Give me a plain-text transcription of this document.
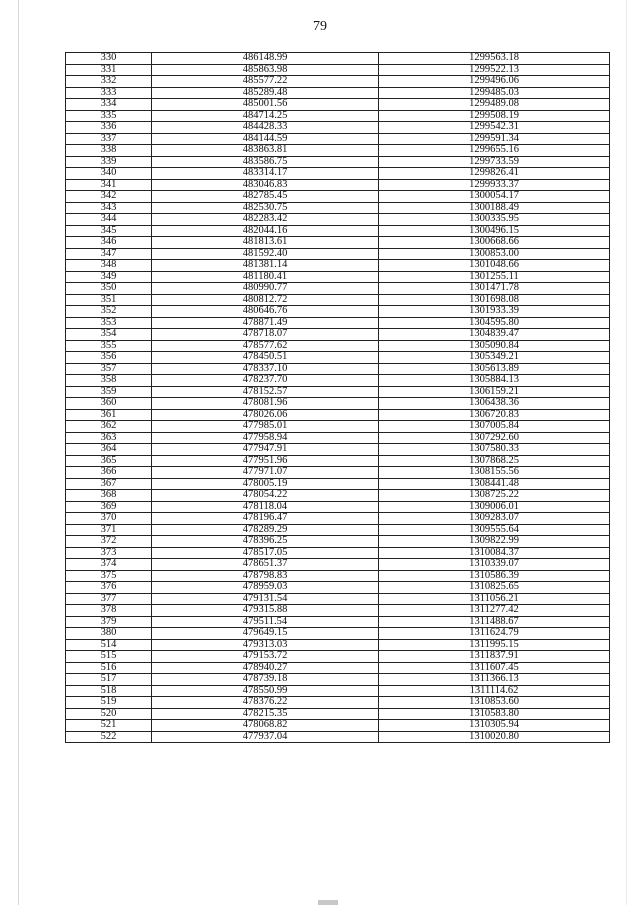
79
330	486148.99	1299563.18
331	485863.98	1299522.13
332	485577.22	1299496.06
333	485289.48	1299485.03
334	485001.56	1299489.08
335	484714.25	1299508.19
336	484428.33	1299542.31
337	484144.59	1299591.34
338	483863.81	1299655.16
339	483586.75	1299733.59
340	483314.17	1299826.41
341	483046.83	1299933.37
342	482785.45	1300054.17
343	482530.75	1300188.49
344	482283.42	1300335.95
345	482044.16	1300496.15
346	481813.61	1300668.66
347	481592.40	1300853.00
348	481381.14	1301048.66
349	481180.41	1301255.11
350	480990.77	1301471.78
351	480812.72	1301698.08
352	480646.76	1301933.39
353	478871.49	1304595.80
354	478718.07	1304839.47
355	478577.62	1305090.84
356	478450.51	1305349.21
357	478337.10	1305613.89
358	478237.70	1305884.13
359	478152.57	1306159.21
360	478081.96	1306438.36
361	478026.06	1306720.83
362	477985.01	1307005.84
363	477958.94	1307292.60
364	477947.91	1307580.33
365	477951.96	1307868.25
366	477971.07	1308155.56
367	478005.19	1308441.48
368	478054.22	1308725.22
369	478118.04	1309006.01
370	478196.47	1309283.07
371	478289.29	1309555.64
372	478396.25	1309822.99
373	478517.05	1310084.37
374	478651.37	1310339.07
375	478798.83	1310586.39
376	478959.03	1310825.65
377	479131.54	1311056.21
378	479315.88	1311277.42
379	479511.54	1311488.67
380	479649.15	1311624.79
514	479313.03	1311995.15
515	479153.72	1311837.91
516	478940.27	1311607.45
517	478739.18	1311366.13
518	478550.99	1311114.62
519	478376.22	1310853.60
520	478215.35	1310583.80
521	478068.82	1310305.94
522	477937.04	1310020.80
